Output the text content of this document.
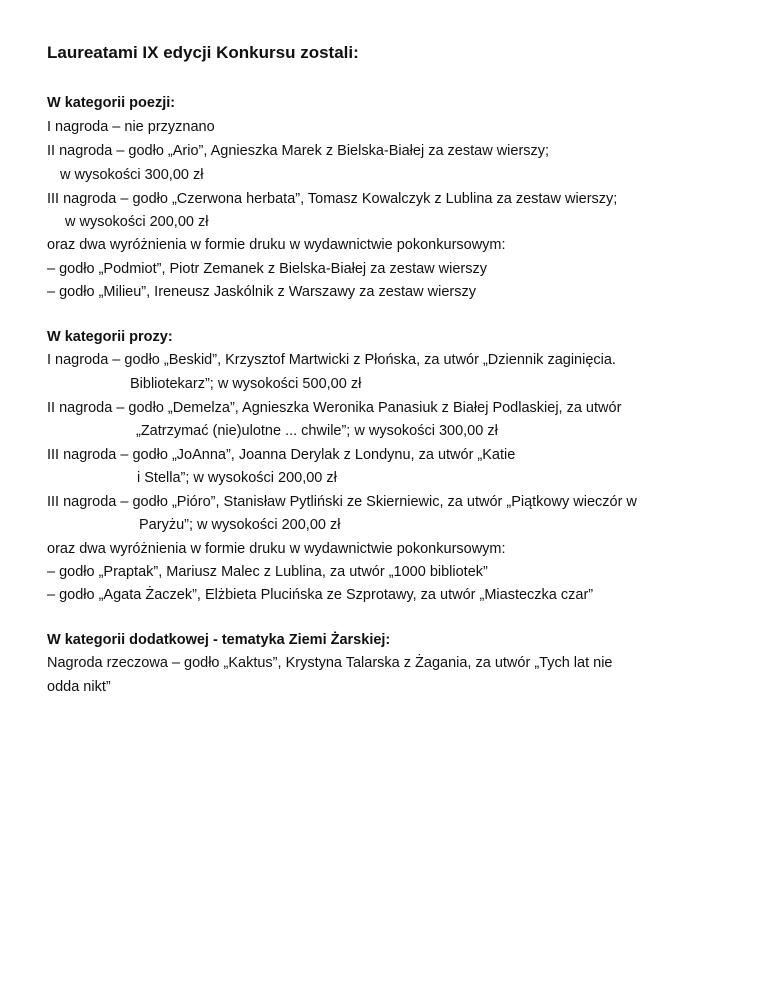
Laureatami IX edycji Konkursu zostali:
W kategorii poezji:
I nagroda – nie przyznano
II nagroda – godło „Ario”, Agnieszka Marek z Bielska-Białej za zestaw wierszy;
w wysokości 300,00 zł
III nagroda – godło „Czerwona herbata”, Tomasz Kowalczyk z Lublina za zestaw wierszy;
w wysokości 200,00 zł
oraz dwa wyróżnienia w formie druku w wydawnictwie pokonkursowym:
– godło „Podmiot”, Piotr Zemanek z Bielska-Białej za zestaw wierszy
– godło „Milieu”, Ireneusz Jaskólnik z Warszawy za zestaw wierszy
W kategorii prozy:
I nagroda – godło „Beskid”, Krzysztof Martwicki z Płońska, za utwór „Dziennik zaginięcia.
Bibliotekarz”; w wysokości 500,00 zł
II nagroda – godło „Demelza”, Agnieszka Weronika Panasiuk z Białej Podlaskiej, za utwór
„Zatrzymać (nie)ulotne ... chwile”; w wysokości 300,00 zł
III nagroda – godło „JoAnna”, Joanna Derylak z Londynu, za utwór „Katie
i Stella”; w wysokości 200,00 zł
III nagroda – godło „Pióro”, Stanisław Pytliński ze Skierniewic, za utwór „Piątkowy wieczór w
Paryżu”; w wysokości 200,00 zł
oraz dwa wyróżnienia w formie druku w wydawnictwie pokonkursowym:
– godło „Praptak”, Mariusz Malec z Lublina, za utwór „1000 bibliotek”
– godło „Agata Żaczek”, Elżbieta Plucińska ze Szprotawy, za utwór „Miasteczka czar”
W kategorii dodatkowej - tematyka Ziemi Żarskiej:
Nagroda rzeczowa – godło „Kaktus”, Krystyna Talarska z Żagania, za utwór „Tych lat nie
odda nikt”
